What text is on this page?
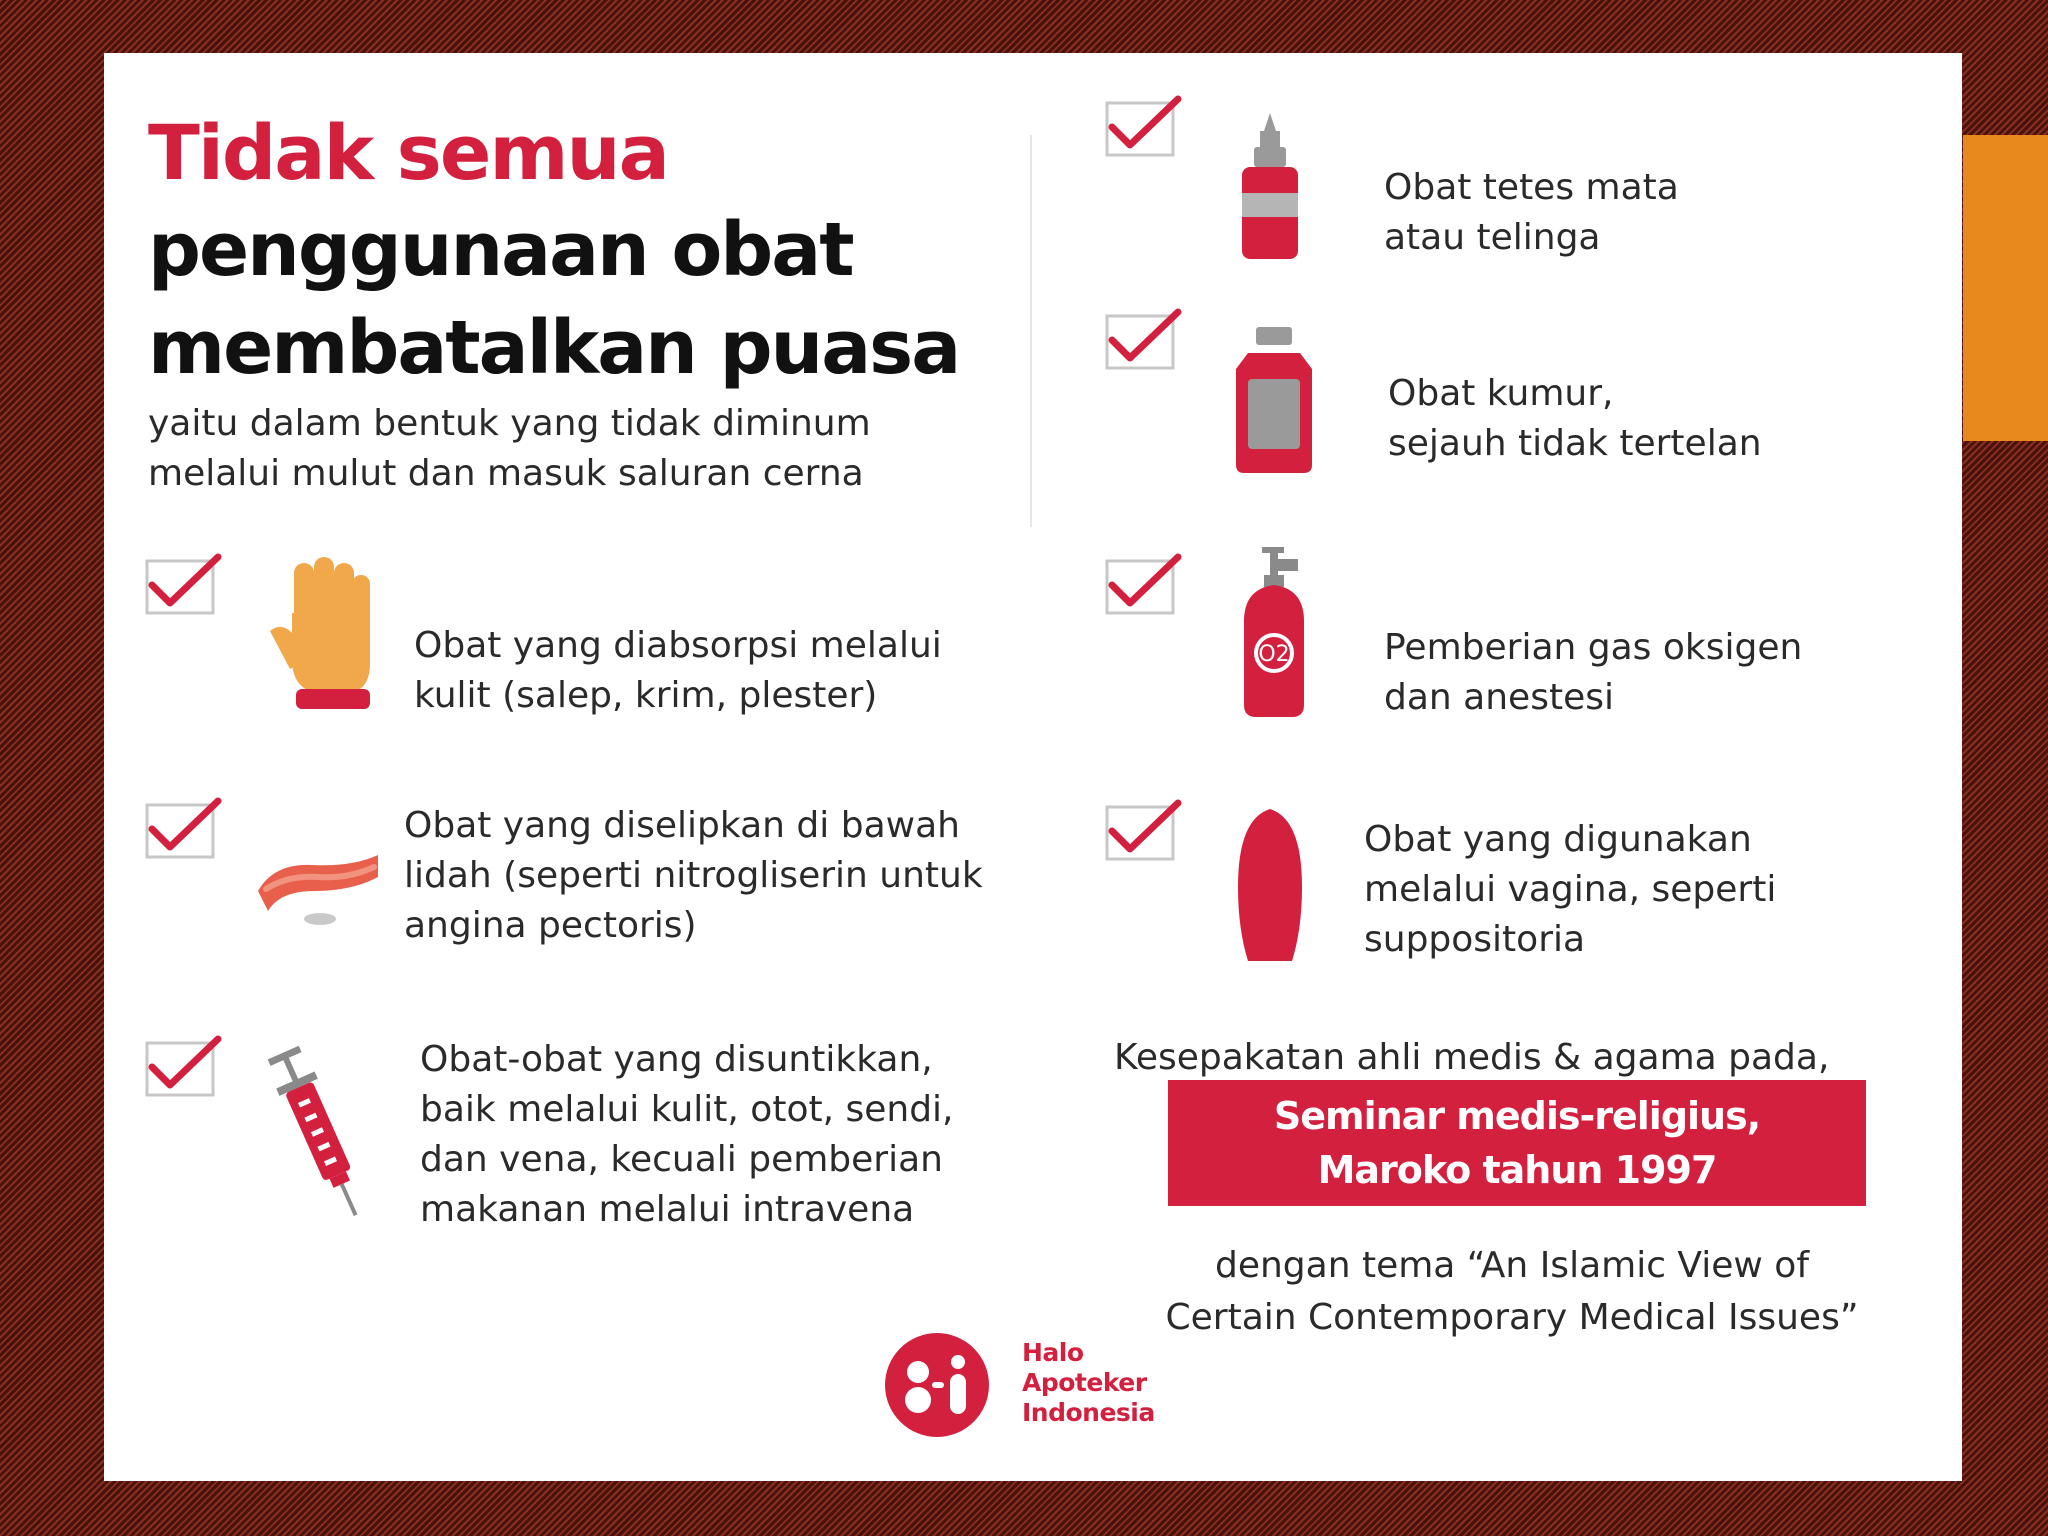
Tidak semua
penggunaan obat
membatalkan puasa
yaitu dalam bentuk yang tidak diminum
melalui mulut dan masuk saluran cerna
Obat yang diabsorpsi melalui
kulit (salep, krim, plester)
Obat yang diselipkan di bawah
lidah (seperti nitrogliserin untuk
angina pectoris)
Obat-obat yang disuntikkan,
baik melalui kulit, otot, sendi,
dan vena, kecuali pemberian
makanan melalui intravena
Obat tetes mata
atau telinga
Obat kumur,
sejauh tidak tertelan
O2	Pemberian gas oksigen
dan anestesi
Obat yang digunakan
melalui vagina, seperti
suppositoria
Kesepakatan ahli medis & agama pada,
Seminar medis-religius,
Maroko tahun 1997
dengan tema “An Islamic View of
Certain Contemporary Medical Issues”
Halo
Apoteker
Indonesia
